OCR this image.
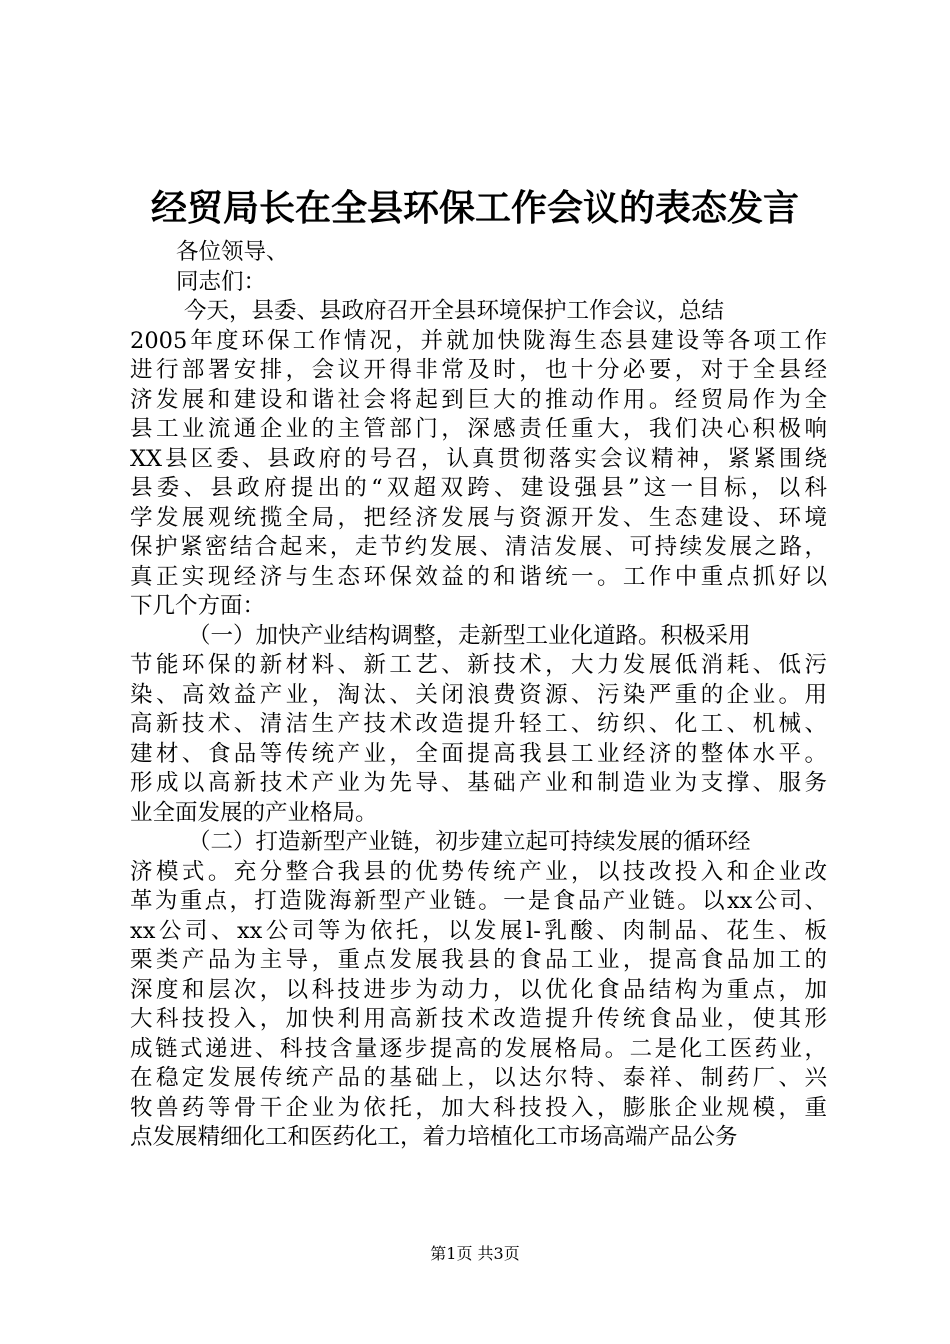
经贸局长在全县环保工作会议的表态发言
各位领导、
同志们：
今天，县委、县政府召开全县环境保护工作会议，总结
2005年度环保工作情况，并就加快陇海生态县建设等各项工作
进行部署安排，会议开得非常及时，也十分必要，对于全县经
济发展和建设和谐社会将起到巨大的推动作用。经贸局作为全
县工业流通企业的主管部门，深感责任重大，我们决心积极响
XX县区委、县政府的号召，认真贯彻落实会议精神，紧紧围绕
县委、县政府提出的“双超双跨、建设强县”这一目标，以科
学发展观统揽全局，把经济发展与资源开发、生态建设、环境
保护紧密结合起来，走节约发展、清洁发展、可持续发展之路，
真正实现经济与生态环保效益的和谐统一。工作中重点抓好以
下几个方面：
（一）加快产业结构调整，走新型工业化道路。积极采用
节能环保的新材料、新工艺、新技术，大力发展低消耗、低污
染、高效益产业，淘汰、关闭浪费资源、污染严重的企业。用
高新技术、清洁生产技术改造提升轻工、纺织、化工、机械、
建材、食品等传统产业，全面提高我县工业经济的整体水平。
形成以高新技术产业为先导、基础产业和制造业为支撑、服务
业全面发展的产业格局。
（二）打造新型产业链，初步建立起可持续发展的循环经
济模式。充分整合我县的优势传统产业，以技改投入和企业改
革为重点，打造陇海新型产业链。一是食品产业链。以xx公司、
xx公司、xx公司等为依托，以发展l-乳酸、肉制品、花生、板
栗类产品为主导，重点发展我县的食品工业，提高食品加工的
深度和层次，以科技进步为动力，以优化食品结构为重点，加
大科技投入，加快利用高新技术改造提升传统食品业，使其形
成链式递进、科技含量逐步提高的发展格局。二是化工医药业，
在稳定发展传统产品的基础上，以达尔特、泰祥、制药厂、兴
牧兽药等骨干企业为依托，加大科技投入，膨胀企业规模，重
点发展精细化工和医药化工，着力培植化工市场高端产品公务
第1页 共3页
